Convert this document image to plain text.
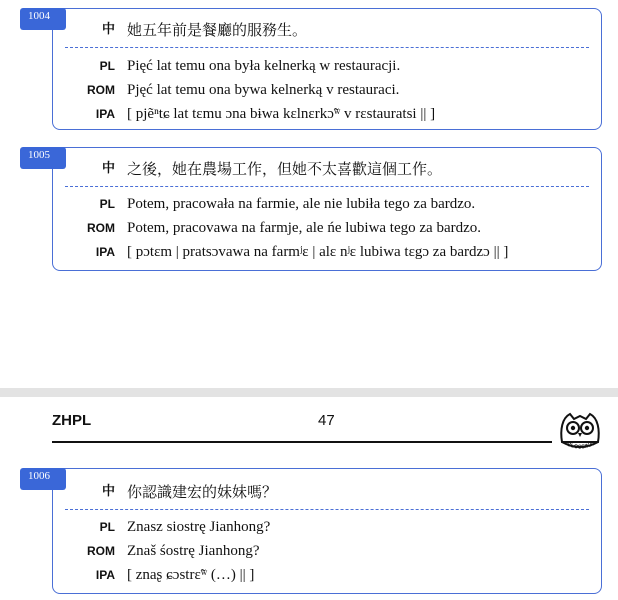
中 她五年前是餐廳的服務生。
PL Pięć lat temu ona była kelnerką w restauracji.
ROM Pjęć lat temu ona bywa kelnerką v restauraci.
IPA [ pjẽⁿtɕ lat tɛmu ɔna bɨwa kɛlnɛrkɔ̃ʷ v rɛstauratsi || ]
1004
中 之後，她在農場工作，但她不太喜歡這個工作。
PL Potem, pracowała na farmie, ale nie lubiła tego za bardzo.
ROM Potem, pracovawa na farmje, ale ńe lubiwa tego za bardzo.
IPA [ pɔtɛm | pratsɔvawa na farmʲɛ | alɛ nʲɛ lubiwa tɛgɔ za bardzɔ || ]
1005
ZHPL	47
GLOSSIKA
中 你認識建宏的妹妹嗎？
PL Znasz siostrę Jianhong?
ROM Znaš śostrę Jianhong?
IPA [ znaʂ ɕɔstrɛ̃ʷ (…) || ]
1006
